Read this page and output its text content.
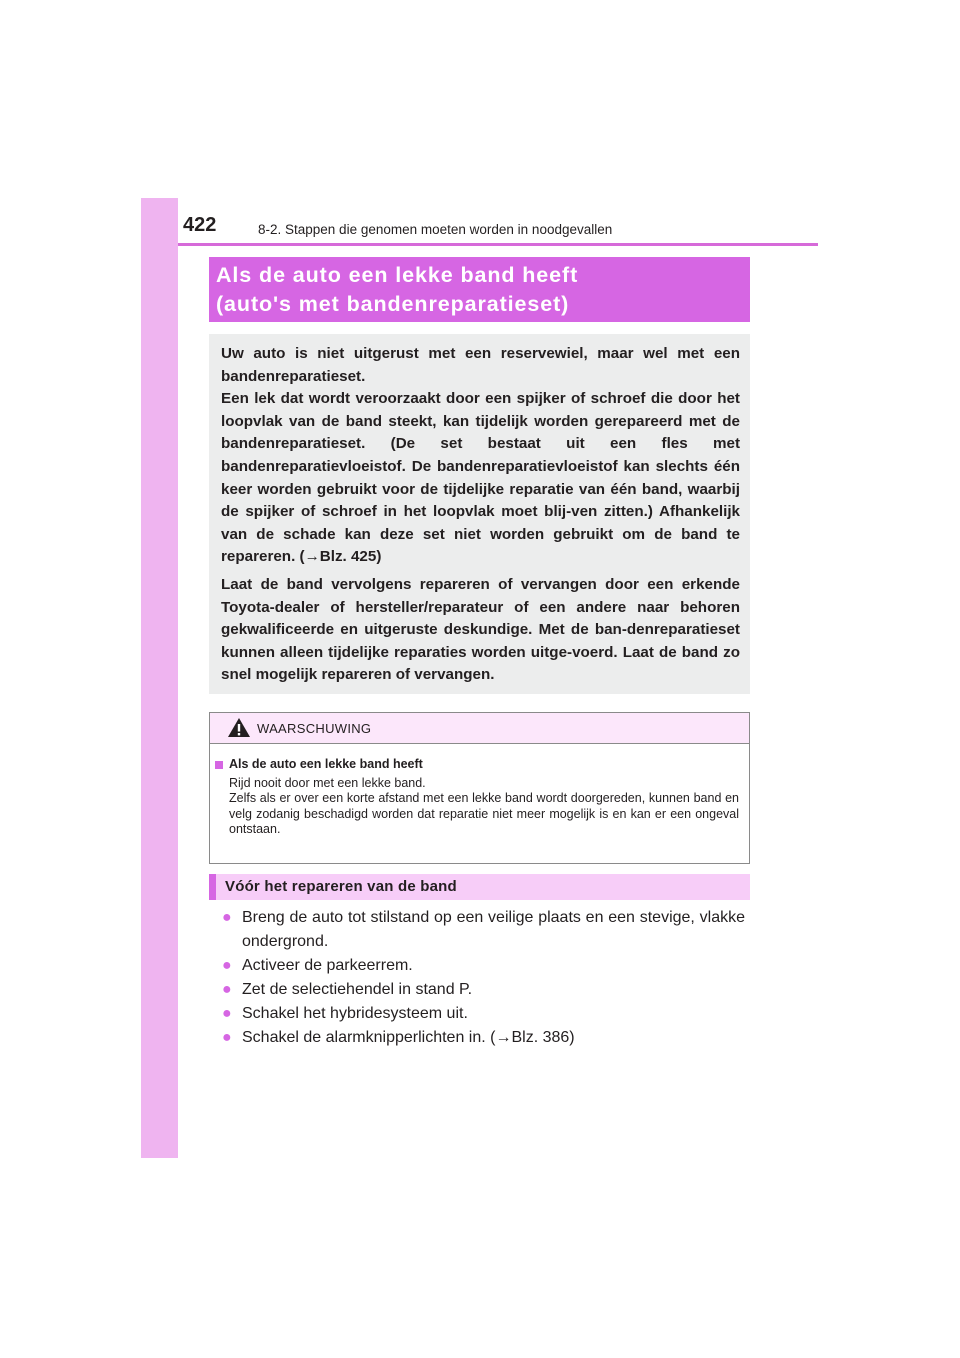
422	8-2. Stappen die genomen moeten worden in noodgevallen
Als de auto een lekke band heeft
(auto's met bandenreparatieset)

Uw auto is niet uitgerust met een reservewiel, maar wel met een bandenreparatieset.

Een lek dat wordt veroorzaakt door een spijker of schroef die door het loopvlak van de band steekt, kan tijdelijk worden gerepareerd met de bandenreparatieset. (De set bestaat uit een fles met bandenreparatievloeistof. De bandenreparatievloeistof kan slechts één keer worden gebruikt voor de tijdelijke reparatie van één band, waarbij de spijker of schroef in het loopvlak moet blij-ven zitten.) Afhankelijk van de schade kan deze set niet worden gebruikt om de band te repareren. (→Blz. 425)

Laat de band vervolgens repareren of vervangen door een erkende Toyota-dealer of hersteller/reparateur of een andere naar behoren gekwalificeerde en uitgeruste deskundige. Met de ban-denreparatieset kunnen alleen tijdelijke reparaties worden uitge-voerd. Laat de band zo snel mogelijk repareren of vervangen.

WAARSCHUWING
Als de auto een lekke band heeft
Rijd nooit door met een lekke band.
Zelfs als er over een korte afstand met een lekke band wordt doorgereden, kunnen band en velg zodanig beschadigd worden dat reparatie niet meer mogelijk is en kan er een ongeval ontstaan.
Vóór het repareren van de band
● Breng de auto tot stilstand op een veilige plaats en een stevige, vlakke ondergrond.
● Activeer de parkeerrem.
● Zet de selectiehendel in stand P.
● Schakel het hybridesysteem uit.
● Schakel de alarmknipperlichten in. (→Blz. 386)
